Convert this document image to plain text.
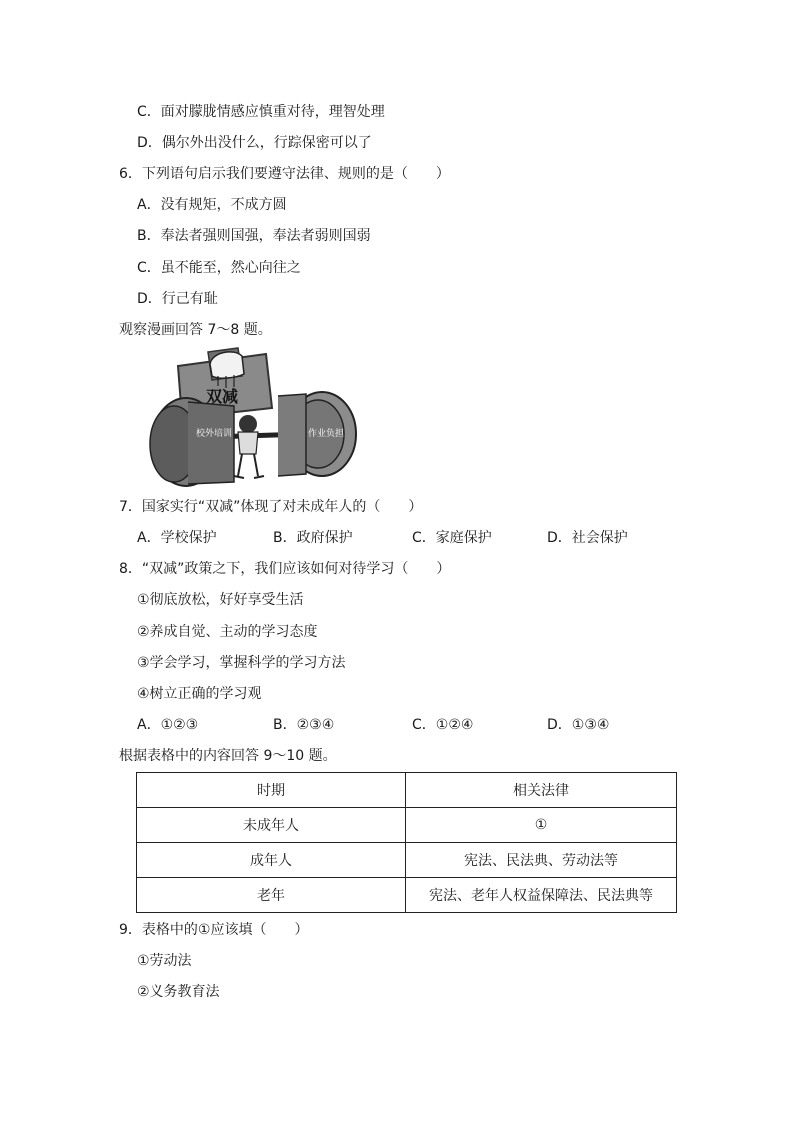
C．面对朦胧情感应慎重对待，理智处理
D．偶尔外出没什么，行踪保密可以了
6．下列语句启示我们要遵守法律、规则的是（　　）
A．没有规矩，不成方圆
B．奉法者强则国强，奉法者弱则国弱
C．虽不能至，然心向往之
D．行己有耻
观察漫画回答 7～8 题。
双减
校外培训	作业负担
7．国家实行“双减”体现了对未成年人的（　　）
A．学校保护	B．政府保护	C．家庭保护	D．社会保护
8．“双减”政策之下，我们应该如何对待学习（　　）
①彻底放松，好好享受生活
②养成自觉、主动的学习态度
③学会学习，掌握科学的学习方法
④树立正确的学习观
A．①②③	B．②③④	C．①②④	D．①③④
根据表格中的内容回答 9～10 题。
时期	相关法律
未成年人	①
成年人	宪法、民法典、劳动法等
老年	宪法、老年人权益保障法、民法典等
9．表格中的①应该填（　　）
①劳动法
②义务教育法
